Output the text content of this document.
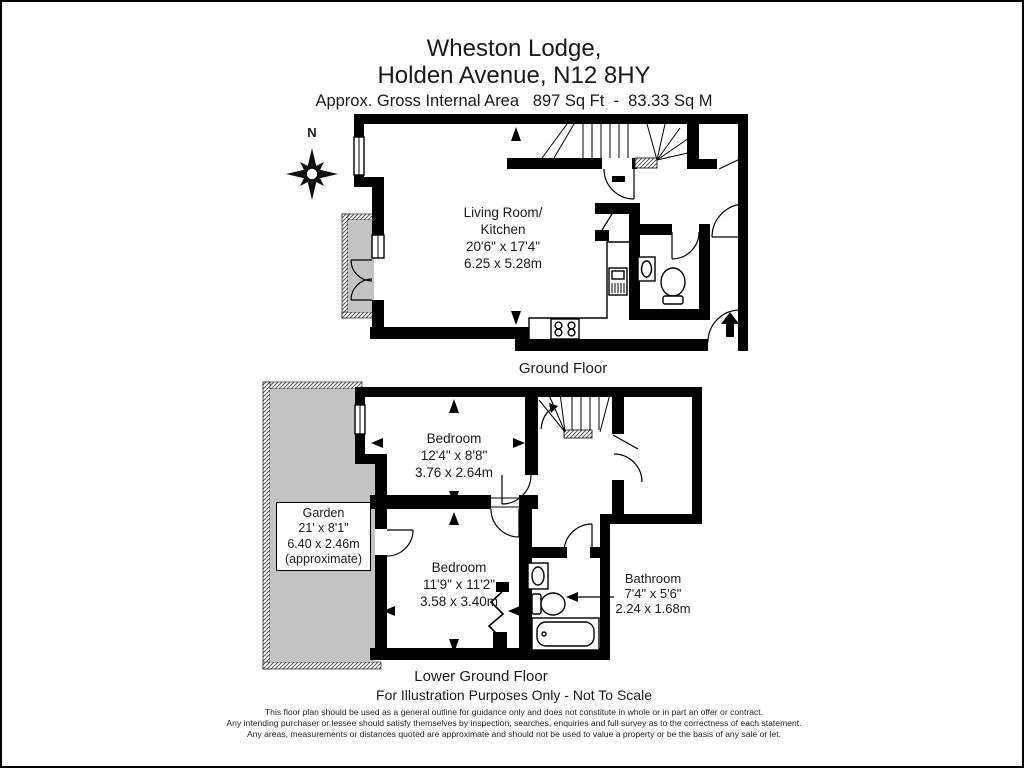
Wheston Lodge,
Holden Avenue, N12 8HY
Approx. Gross Internal Area   897 Sq Ft  -  83.33 Sq M
N
Living Room/
Kitchen
20'6" x 17'4"
6.25 x 5.28m
Ground Floor
Bedroom
12'4" x 8'8"
3.76 x 2.64m
Bedroom
11'9" x 11'2"
3.58 x 3.40m
Garden
21' x 8'1"
6.40 x 2.46m
(approximate)
Bathroom
7'4" x 5'6"
2.24 x 1.68m
Lower Ground Floor
For Illustration Purposes Only - Not To Scale
This floor plan should be used as a general outline for guidance only and does not constitute in whole or in part an offer or contract.
Any intending purchaser or lessee should satisfy themselves by inspection, searches, enquiries and full survey as to the correctness of each statement.
Any areas, measurements or distances quoted are approximate and should not be used to value a property or be the basis of any sale or let.
